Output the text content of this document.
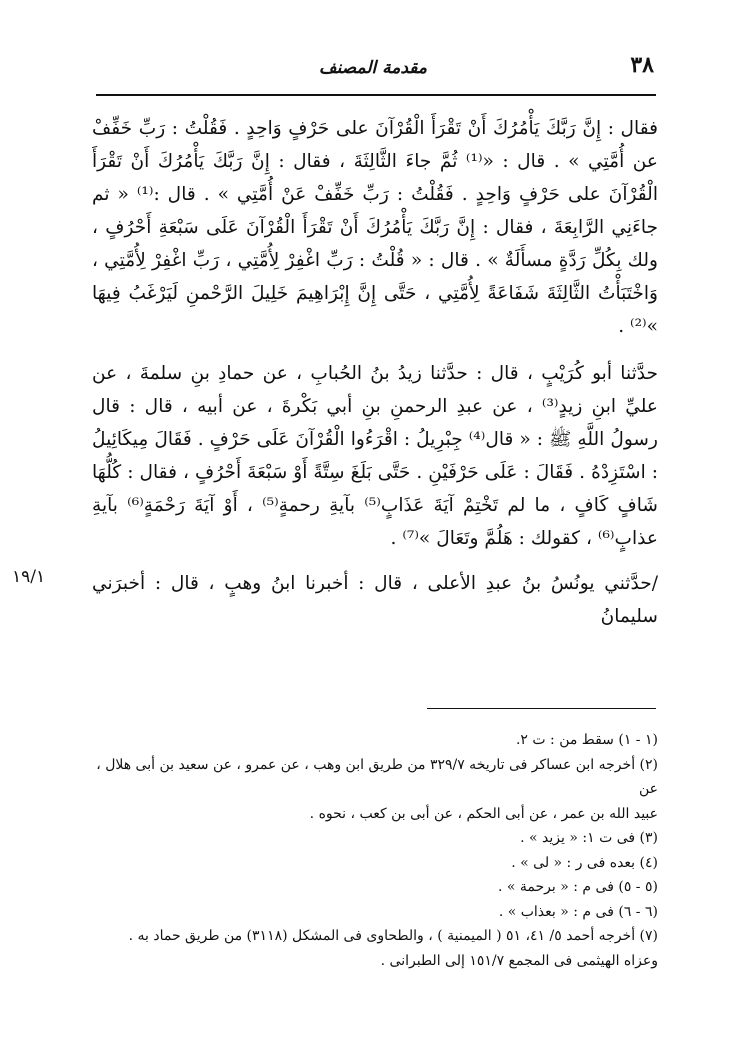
٣٨
مقدمة المصنف

فقال : إِنَّ رَبَّكَ يَأْمُرُكَ أَنْ تَقْرَأَ الْقُرْآنَ على حَرْفٍ وَاحِدٍ . فَقُلْتُ : رَبِّ خَفِّفْ عن أُمَّتِي » . قال : «⁽¹⁾ ثُمَّ جاءَ الثَّالِثَةَ ، فقال : إِنَّ رَبَّكَ يَأْمُرُكَ أَنْ تَقْرَأَ الْقُرْآنَ على حَرْفٍ وَاحِدٍ . فَقُلْتُ : رَبِّ خَفِّفْ عَنْ أُمَّتِي » . قال :⁽¹⁾ « ثم جاءَنِي الرَّابِعَةَ ، فقال : إِنَّ رَبَّكَ يَأْمُرُكَ أَنْ تَقْرَأَ الْقُرْآنَ عَلَى سَبْعَةِ أَحْرُفٍ ، ولك بِكُلِّ رَدَّةٍ مسأَلَةٌ » . قال : « قُلْتُ : رَبِّ اغْفِرْ لِأُمَّتِي ، رَبِّ اغْفِرْ لِأُمَّتِي ، وَاخْتَبَأْتُ الثَّالِثَةَ شَفَاعَةً لِأُمَّتِي ، حَتَّى إِنَّ إِبْرَاهِيمَ خَلِيلَ الرَّحْمنِ لَيَرْغَبُ فِيهَا »⁽²⁾ .

حدَّثنا أبو كُرَيْبٍ ، قال : حدَّثنا زيدُ بنُ الحُبابِ ، عن حمادِ بنِ سلمةَ ، عن عليِّ ابنِ زيدٍ⁽³⁾ ، عن عبدِ الرحمنِ بنِ أبي بَكْرةَ ، عن أبيه ، قال : قال رسولُ اللَّهِ ﷺ : « قال⁽⁴⁾ جِبْرِيلُ : اقْرَءُوا الْقُرْآنَ عَلَى حَرْفٍ . فَقَالَ مِيكَائِيلُ : اسْتَزِدْهُ . فَقَالَ : عَلَى حَرْفَيْنِ . حَتَّى بَلَغَ سِتَّةً أَوْ سَبْعَةَ أَحْرُفٍ ، فقال : كُلُّهَا شَافٍ كَافٍ ، ما لم تَخْتِمْ آيَةَ عَذَابٍ⁽⁵⁾ بآيةِ رحمةٍ⁽⁵⁾ ، أَوْ آيَةَ رَحْمَةٍ⁽⁶⁾ بآيةِ عذابٍ⁽⁶⁾ ، كقولك : هَلُمَّ وتَعَالَ »⁽⁷⁾ .

١٩/١	/حدَّثني يونُسُ بنُ عبدِ الأعلى ، قال : أخبرنا ابنُ وهبٍ ، قال : أخبرَني سليمانُ

(١ - ١) سقط من : ت ٢.

(٢) أخرجه ابن عساكر فى تاريخه ٣٢٩/٧ من طريق ابن وهب ، عن عمرو ، عن سعيد بن أبى هلال ، عن

عبيد الله بن عمر ، عن أبى الحكم ، عن أبى بن كعب ، نحوه .

(٣) فى ت ١: « يزيد » .

(٤) بعده فى ر : « لى » .

(٥ - ٥) فى م : « برحمة » .

(٦ - ٦) فى م : « بعذاب » .

(٧) أخرجه أحمد ٥/ ٤١، ٥١ ( الميمنية ) ، والطحاوى فى المشكل (٣١١٨) من طريق حماد به .

وعزاه الهيثمى فى المجمع ١٥١/٧ إلى الطبرانى .
